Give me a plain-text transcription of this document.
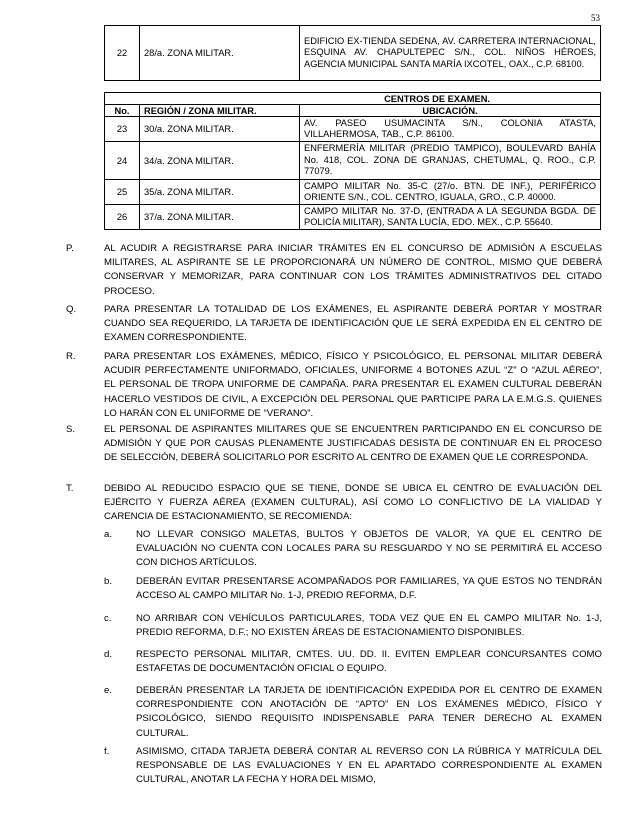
53
22	28/a. ZONA MILITAR.	EDIFICIO EX-TIENDA SEDENA, AV. CARRETERA INTERNACIONAL, ESQUINA AV. CHAPULTEPEC S/N., COL. NIÑOS HÉROES, AGENCIA MUNICIPAL SANTA MARÍA IXCOTEL, OAX., C.P. 68100.
CENTROS DE EXAMEN.		
No.	REGIÓN / ZONA MILITAR.	UBICACIÓN.
23	30/a. ZONA MILITAR.	AV. PASEO USUMACINTA S/N., COLONIA ATASTA, VILLAHERMOSA, TAB., C.P. 86100.
24	34/a. ZONA MILITAR.	ENFERMERÍA MILITAR (PREDIO TAMPICO), BOULEVARD BAHÍA No. 418, COL. ZONA DE GRANJAS, CHETUMAL, Q. ROO., C.P. 77079.
25	35/a. ZONA MILITAR.	CAMPO MILITAR No. 35-C (27/o. BTN. DE INF.), PERIFÉRICO ORIENTE S/N., COL. CENTRO, IGUALA, GRO., C.P. 40000.
26	37/a. ZONA MILITAR.	CAMPO MILITAR No. 37-D, (ENTRADA A LA SEGUNDA BGDA. DE POLICÍA MILITAR), SANTA LUCÍA, EDO. MEX., C.P. 55640.
P.	AL ACUDIR A REGISTRARSE PARA INICIAR TRÁMITES EN EL CONCURSO DE ADMISIÓN A ESCUELAS MILITARES, AL ASPIRANTE SE LE PROPORCIONARÁ UN NÚMERO DE CONTROL, MISMO QUE DEBERÁ CONSERVAR Y MEMORIZAR, PARA CONTINUAR CON LOS TRÁMITES ADMINISTRATIVOS DEL CITADO PROCESO.
Q.	PARA PRESENTAR LA TOTALIDAD DE LOS EXÁMENES, EL ASPIRANTE DEBERÁ PORTAR Y MOSTRAR CUANDO SEA REQUERIDO, LA TARJETA DE IDENTIFICACIÓN QUE LE SERÁ EXPEDIDA EN EL CENTRO DE EXAMEN CORRESPONDIENTE.
R.	PARA PRESENTAR LOS EXÁMENES, MÉDICO, FÍSICO Y PSICOLÓGICO, EL PERSONAL MILITAR DEBERÁ ACUDIR PERFECTAMENTE UNIFORMADO, OFICIALES, UNIFORME 4 BOTONES AZUL “Z” O “AZUL AÉREO”, EL PERSONAL DE TROPA UNIFORME DE CAMPAÑA. PARA PRESENTAR EL EXAMEN CULTURAL DEBERÁN HACERLO VESTIDOS DE CIVIL, A EXCEPCIÓN DEL PERSONAL QUE PARTICIPE PARA LA E.M.G.S. QUIENES LO HARÁN CON EL UNIFORME DE “VERANO”.
S.	EL PERSONAL DE ASPIRANTES MILITARES QUE SE ENCUENTREN PARTICIPANDO EN EL CONCURSO DE ADMISIÓN Y QUE POR CAUSAS PLENAMENTE JUSTIFICADAS DESISTA DE CONTINUAR EN EL PROCESO DE SELECCIÓN, DEBERÁ SOLICITARLO POR ESCRITO AL CENTRO DE EXAMEN QUE LE CORRESPONDA.
T.	DEBIDO AL REDUCIDO ESPACIO QUE SE TIENE, DONDE SE UBICA EL CENTRO DE EVALUACIÓN DEL EJÉRCITO Y FUERZA AÉREA (EXAMEN CULTURAL), ASÍ COMO LO CONFLICTIVO DE LA VIALIDAD Y CARENCIA DE ESTACIONAMIENTO, SE RECOMIENDA:
a. NO LLEVAR CONSIGO MALETAS, BULTOS Y OBJETOS DE VALOR, YA QUE EL CENTRO DE EVALUACIÓN NO CUENTA CON LOCALES PARA SU RESGUARDO Y NO SE PERMITIRÁ EL ACCESO CON DICHOS ARTÍCULOS.
b. DEBERÁN EVITAR PRESENTARSE ACOMPAÑADOS POR FAMILIARES, YA QUE ESTOS NO TENDRÁN ACCESO AL CAMPO MILITAR No. 1-J, PREDIO REFORMA, D.F.
c.	NO ARRIBAR CON VEHÍCULOS PARTICULARES, TODA VEZ QUE EN EL CAMPO MILITAR No. 1-J, PREDIO REFORMA, D.F.; NO EXISTEN ÁREAS DE ESTACIONAMIENTO DISPONIBLES.
d. RESPECTO PERSONAL MILITAR, CMTES. UU. DD. II. EVITEN EMPLEAR CONCURSANTES COMO ESTAFETAS DE DOCUMENTACIÓN OFICIAL O EQUIPO.
e. DEBERÁN PRESENTAR LA TARJETA DE IDENTIFICACIÓN EXPEDIDA POR EL CENTRO DE EXAMEN CORRESPONDIENTE CON ANOTACIÓN DE “APTO” EN LOS EXÁMENES MÉDICO, FÍSICO Y PSICOLÓGICO, SIENDO REQUISITO INDISPENSABLE PARA TENER DERECHO AL EXAMEN CULTURAL.
f.	ASIMISMO, CITADA TARJETA DEBERÁ CONTAR AL REVERSO CON LA RÚBRICA Y MATRÍCULA DEL RESPONSABLE DE LAS EVALUACIONES Y EN EL APARTADO CORRESPONDIENTE AL EXAMEN CULTURAL, ANOTAR LA FECHA Y HORA DEL MISMO,
